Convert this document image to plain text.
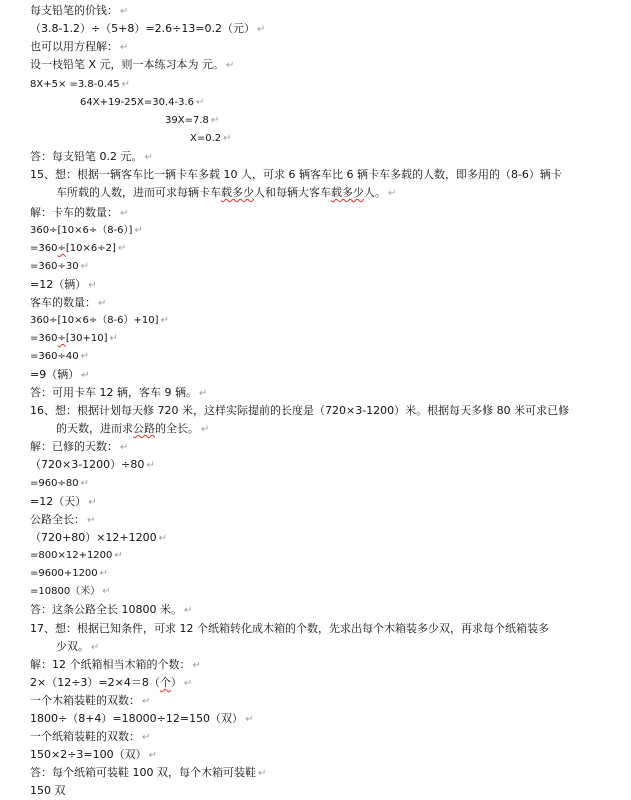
每支铅笔的价钱： ↵
（3.8-1.2）÷（5+8）=2.6÷13=0.2（元） ↵
也可以用方程解： ↵
设一枝铅笔 X 元，则一本练习本为 元。 ↵
8X+5× =3.8-0.45 ↵
64X+19-25X=30.4-3.6 ↵
39X=7.8 ↵
X=0.2 ↵
答：每支铅笔 0.2 元。 ↵
15、想：根据一辆客车比一辆卡车多载 10 人，可求 6 辆客车比 6 辆卡车多载的人数，即多用的（8-6）辆卡
车所载的人数，进而可求每辆卡车载多少人和每辆大客车载多少人。 ↵
解：卡车的数量： ↵
360÷[10×6÷（8-6）] ↵
=360÷[10×6÷2] ↵
=360÷30 ↵
=12（辆） ↵
客车的数量： ↵
360÷[10×6÷（8-6）+10] ↵
=360÷[30+10] ↵
=360÷40 ↵
=9（辆） ↵
答：可用卡车 12 辆，客车 9 辆。 ↵
16、想：根据计划每天修 720 米，这样实际提前的长度是（720×3-1200）米。根据每天多修 80 米可求已修
的天数，进而求公路的全长。 ↵
解：已修的天数： ↵
（720×3-1200）÷80 ↵
=960÷80 ↵
=12（天） ↵
公路全长： ↵
（720+80）×12+1200 ↵
=800×12+1200 ↵
=9600+1200 ↵
=10800（米） ↵
答：这条公路全长 10800 米。 ↵
17、想：根据已知条件，可求 12 个纸箱转化成木箱的个数，先求出每个木箱装多少双，再求每个纸箱装多
少双。 ↵
解：12 个纸箱相当木箱的个数： ↵
2×（12÷3）=2×4＝8（个） ↵
一个木箱装鞋的双数： ↵
1800÷（8+4）=18000÷12=150（双） ↵
一个纸箱装鞋的双数： ↵
150×2÷3=100（双） ↵
答：每个纸箱可装鞋 100 双，每个木箱可装鞋 ↵
150 双
